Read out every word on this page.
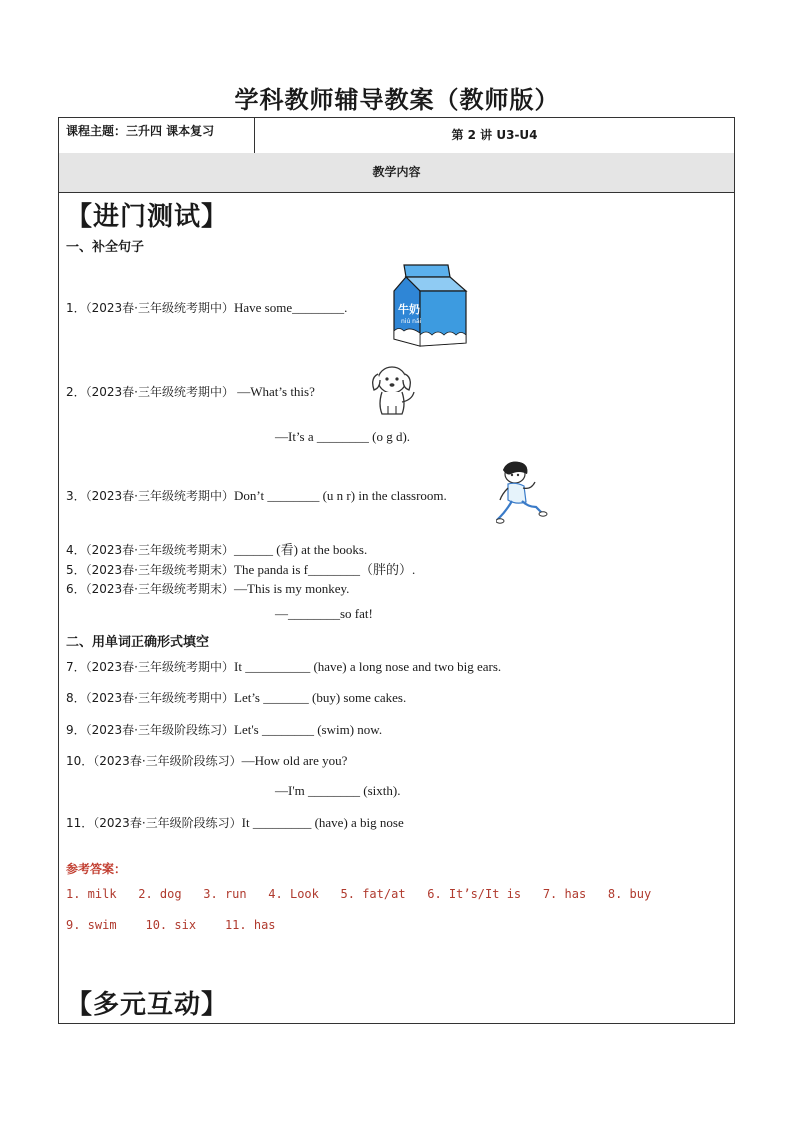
学科教师辅导教案（教师版）
课程主题：三升四 课本复习	第 2 讲 U3-U4
教学内容
【进门测试】
一、补全句子
1．（2023春·三年级统考期中）Have some________.	牛奶
niú nǎi
2．（2023春·三年级统考期中） —What’s this?
—It’s a ________ (o g d).
3．（2023春·三年级统考期中）Don’t ________ (u n r) in the classroom.
4．（2023春·三年级统考期末）______ (看) at the books.
5．（2023春·三年级统考期末）The panda is f________（胖的）.
6．（2023春·三年级统考期末）—This is my monkey.
—________so fat!
二、用单词正确形式填空
7．（2023春·三年级统考期中）It __________ (have) a long nose and two big ears.
8．（2023春·三年级统考期中）Let’s _______ (buy) some cakes.
9．（2023春·三年级阶段练习）Let's ________ (swim) now.
10．（2023春·三年级阶段练习）—How old are you?
—I'm ________ (sixth).
11．（2023春·三年级阶段练习）It _________ (have) a big nose
参考答案：
1. milk   2. dog   3. run   4. Look   5. fat/at   6. It’s/It is   7. has   8. buy
9. swim    10. six    11. has
【多元互动】
